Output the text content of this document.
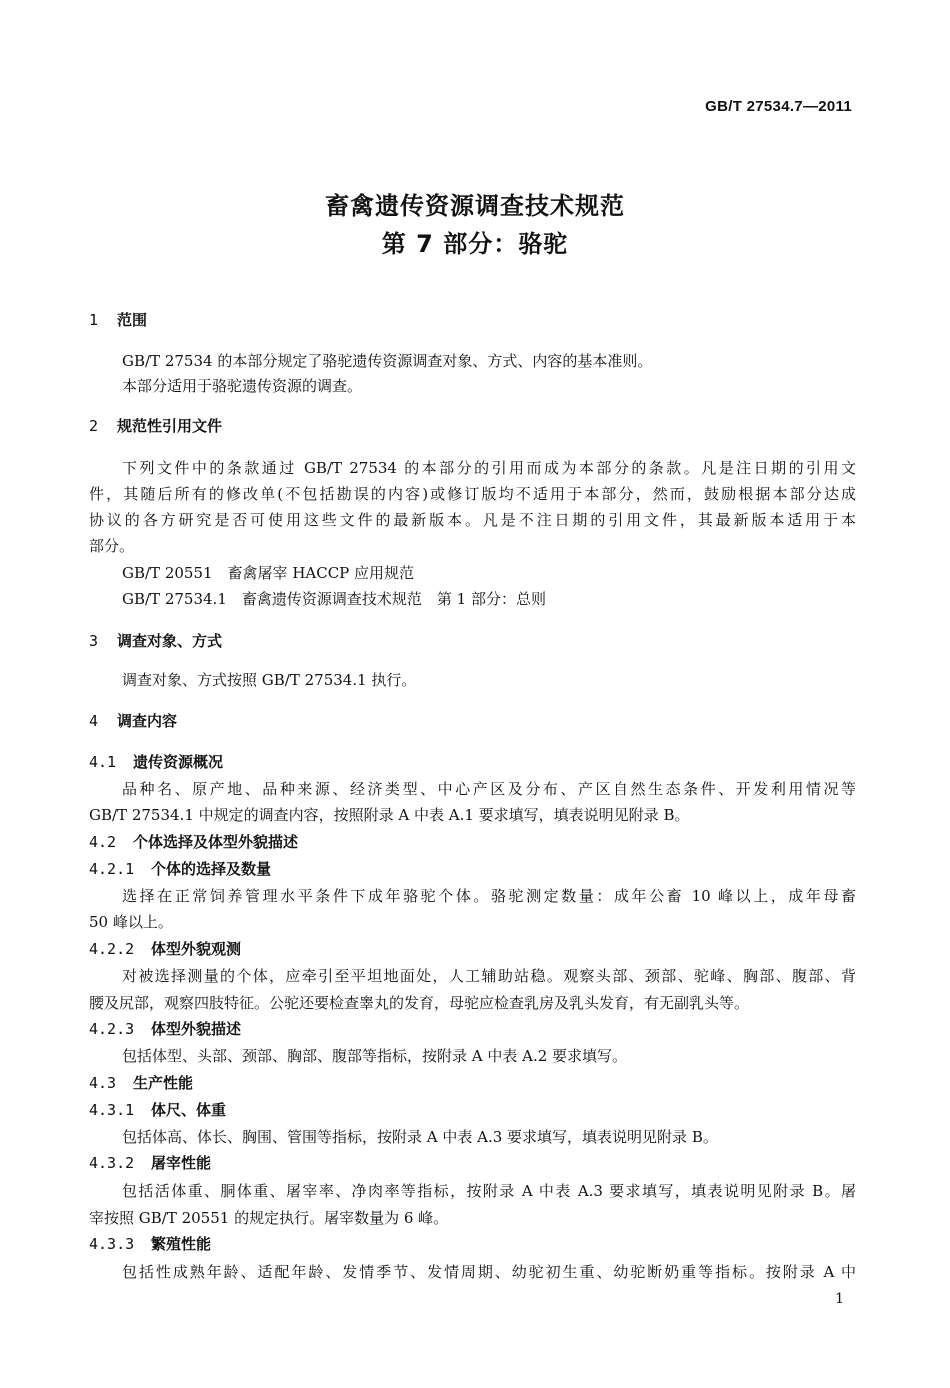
GB/T 27534.7—2011
畜禽遗传资源调查技术规范
第 7 部分：骆驼
1 范围
GB/T 27534 的本部分规定了骆驼遗传资源调查对象、方式、内容的基本准则。
本部分适用于骆驼遗传资源的调查。
2 规范性引用文件
下列文件中的条款通过 GB/T 27534 的本部分的引用而成为本部分的条款。凡是注日期的引用文
件，其随后所有的修改单(不包括勘误的内容)或修订版均不适用于本部分，然而，鼓励根据本部分达成
协议的各方研究是否可使用这些文件的最新版本。凡是不注日期的引用文件，其最新版本适用于本
部分。
GB/T 20551　畜禽屠宰 HACCP 应用规范
GB/T 27534.1　畜禽遗传资源调查技术规范　第 1 部分：总则
3 调查对象、方式
调查对象、方式按照 GB/T 27534.1 执行。
4 调查内容
4.1 遗传资源概况
品种名、原产地、品种来源、经济类型、中心产区及分布、产区自然生态条件、开发利用情况等
GB/T 27534.1 中规定的调查内容，按照附录 A 中表 A.1 要求填写，填表说明见附录 B。
4.2 个体选择及体型外貌描述
4.2.1 个体的选择及数量
选择在正常饲养管理水平条件下成年骆驼个体。骆驼测定数量：成年公畜 10 峰以上，成年母畜
50 峰以上。
4.2.2 体型外貌观测
对被选择测量的个体，应牵引至平坦地面处，人工辅助站稳。观察头部、颈部、驼峰、胸部、腹部、背
腰及尻部，观察四肢特征。公驼还要检查睾丸的发育，母驼应检查乳房及乳头发育，有无副乳头等。
4.2.3 体型外貌描述
包括体型、头部、颈部、胸部、腹部等指标，按附录 A 中表 A.2 要求填写。
4.3 生产性能
4.3.1 体尺、体重
包括体高、体长、胸围、管围等指标，按附录 A 中表 A.3 要求填写，填表说明见附录 B。
4.3.2 屠宰性能
包括活体重、胴体重、屠宰率、净肉率等指标，按附录 A 中表 A.3 要求填写，填表说明见附录 B。屠
宰按照 GB/T 20551 的规定执行。屠宰数量为 6 峰。
4.3.3 繁殖性能
包括性成熟年龄、适配年龄、发情季节、发情周期、幼驼初生重、幼驼断奶重等指标。按附录 A 中
1
